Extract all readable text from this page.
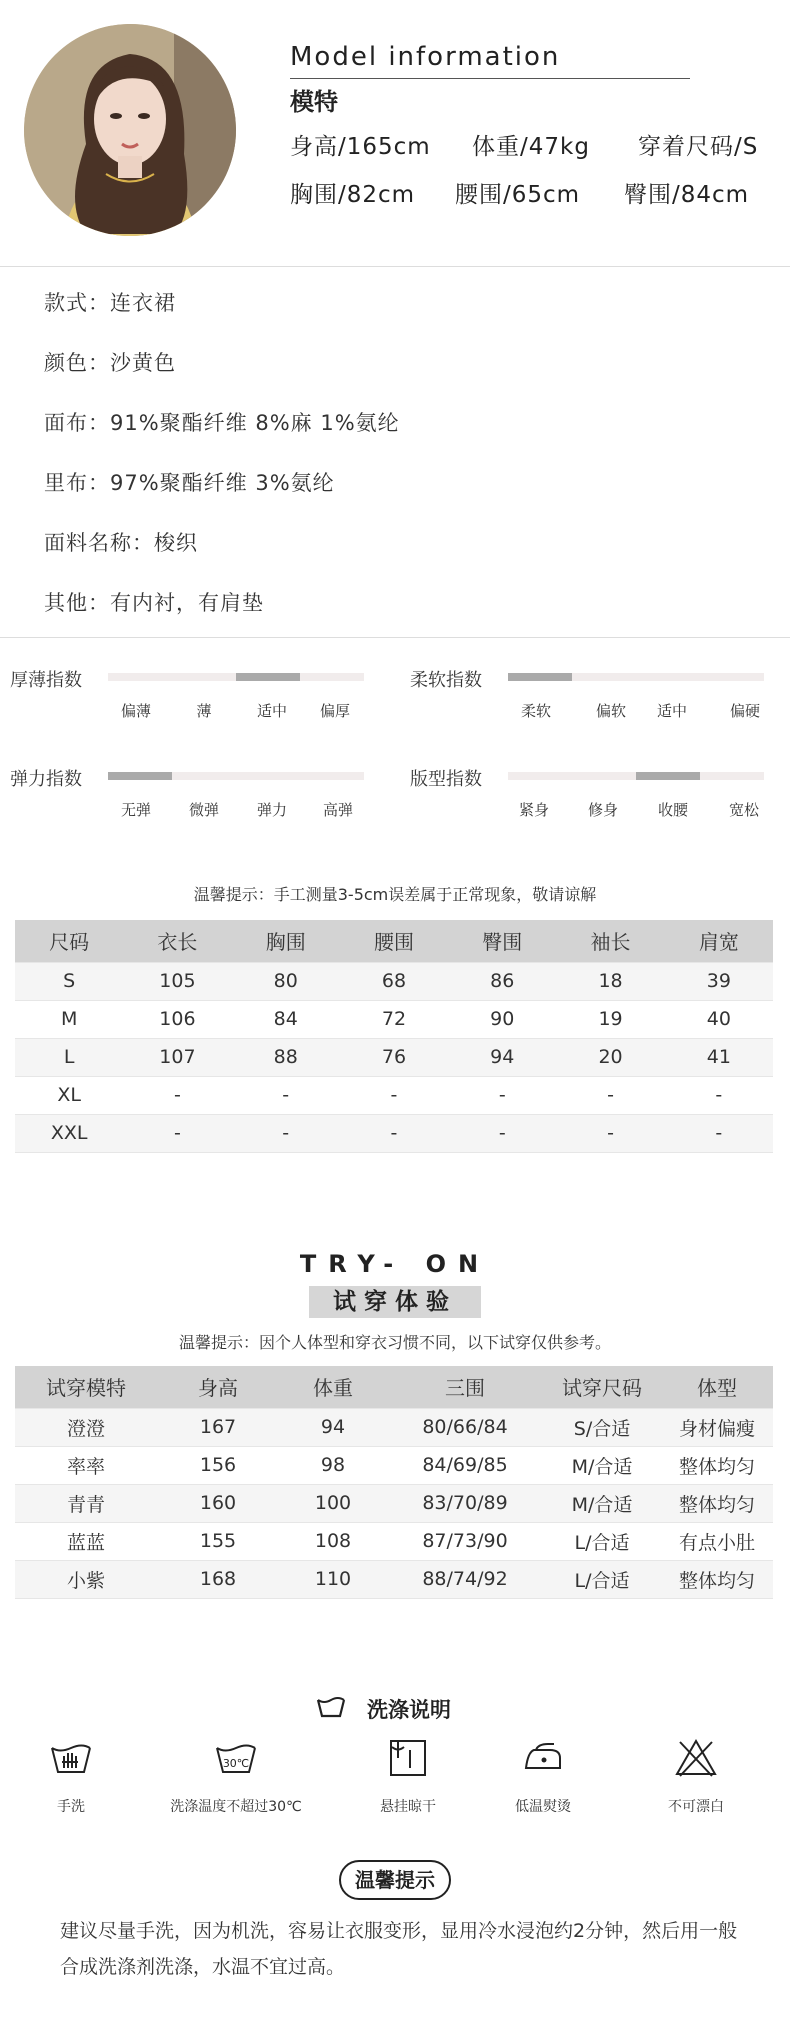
Model information
模特
身高/165cm 体重/47kg 穿着尺码/S
胸围/82cm 腰围/65cm 臀围/84cm
款式：连衣裙
颜色：沙黄色
面布：91%聚酯纤维 8%麻 1%氨纶
里布：97%聚酯纤维 3%氨纶
面料名称：梭织
其他：有内衬，有肩垫
厚薄指数
偏薄	薄	适中 偏厚
柔软指数
柔软	偏软 适中	偏硬
弹力指数
无弹	微弹	弹力 高弹
版型指数
紧身	修身	收腰	宽松
温馨提示：手工测量3-5cm误差属于正常现象，敬请谅解
尺码	衣长	胸围	腰围	臀围	袖长	肩宽
S	105	80	68	86	18	39
M	106	84	72	90	19	40
L	107	88	76	94	20	41
XL	-	-	-	-	-	-
XXL	-	-	-	-	-	-
TRY- ON
试穿体验
温馨提示：因个人体型和穿衣习惯不同，以下试穿仅供参考。
试穿模特	身高	体重	三围	试穿尺码	体型
澄澄	167	94	80/66/84	S/合适	身材偏瘦
率率	156	98	84/69/85	M/合适	整体均匀
青青	160	100	83/70/89	M/合适	整体均匀
蓝蓝	155	108	87/73/90	L/合适	有点小肚
小紫	168	110	88/74/92	L/合适	整体均匀
洗涤说明
手洗
30℃
洗涤温度不超过30℃	悬挂晾干	低温熨烫	不可漂白
温馨提示
建议尽量手洗，因为机洗，容易让衣服变形，显用冷水浸泡约2分钟，然后用一般合成洗涤剂洗涤，水温不宜过高。
